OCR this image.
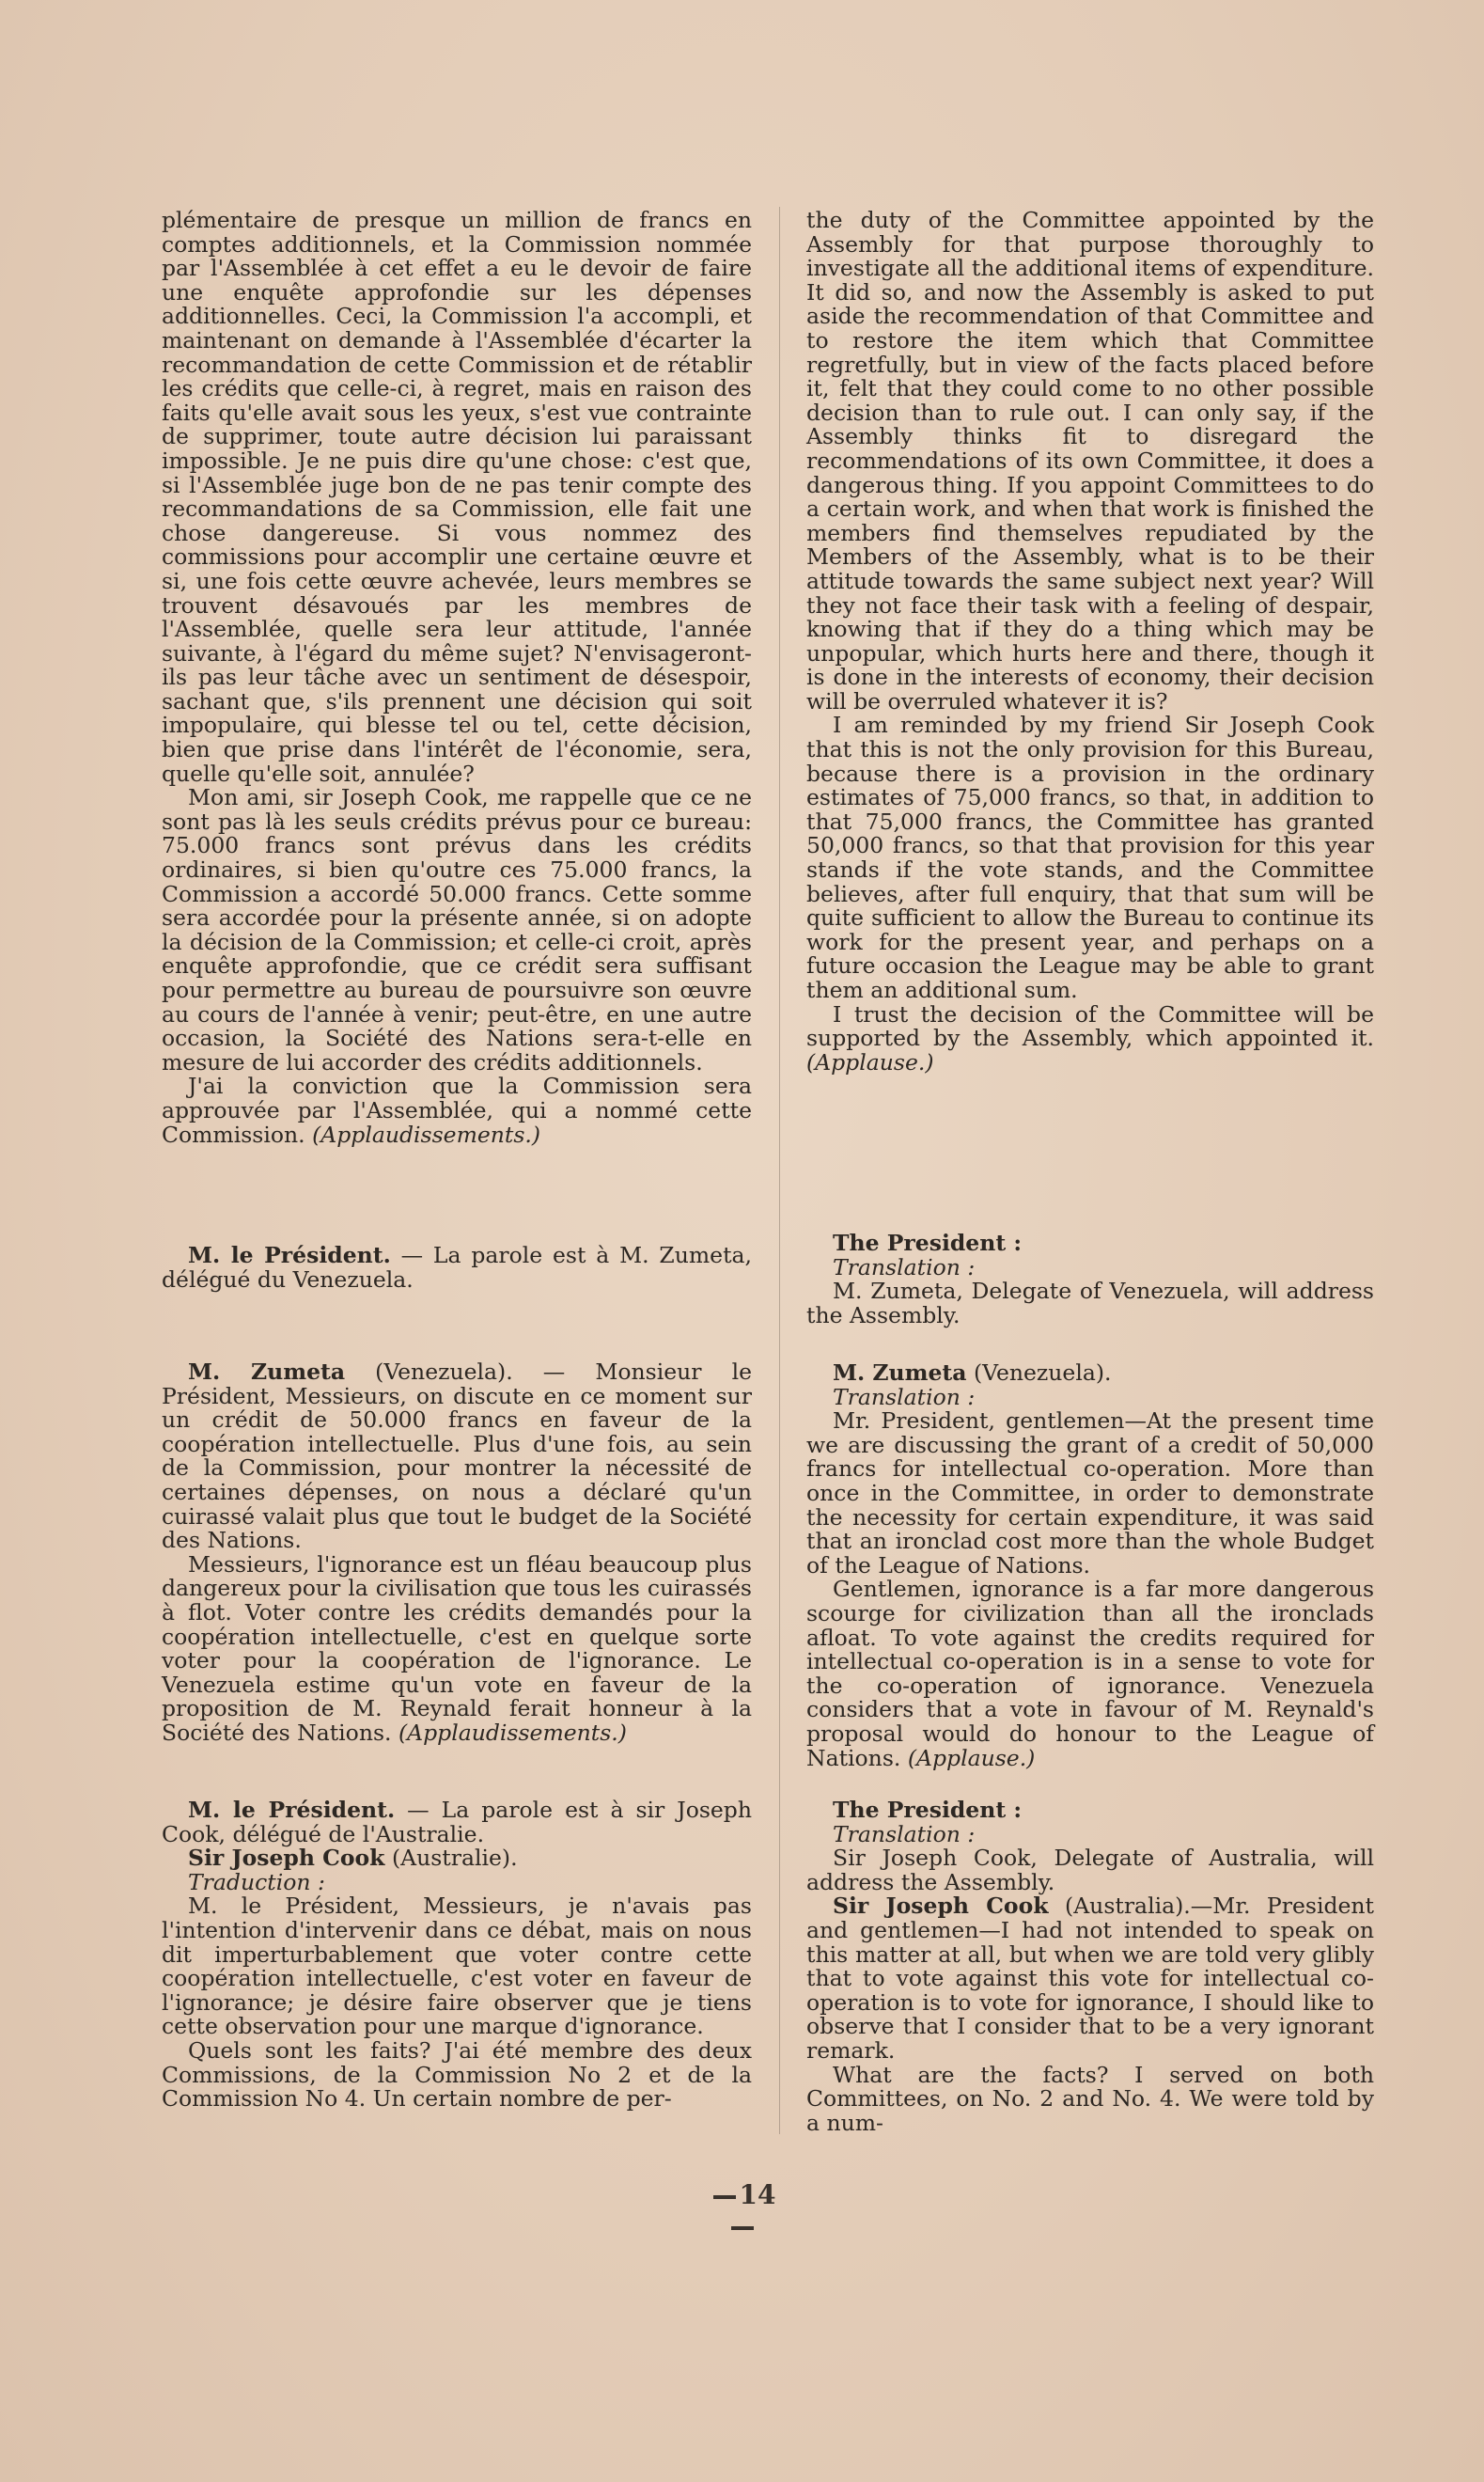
plémentaire de presque un million de francs en comptes additionnels, et la Commission nommée par l'Assemblée à cet effet a eu le devoir de faire une enquête approfondie sur les dépenses additionnelles. Ceci, la Commission l'a accompli, et maintenant on demande à l'Assemblée d'écarter la recommandation de cette Commission et de rétablir les crédits que celle-ci, à regret, mais en raison des faits qu'elle avait sous les yeux, s'est vue contrainte de supprimer, toute autre décision lui paraissant impossible. Je ne puis dire qu'une chose: c'est que, si l'Assemblée juge bon de ne pas tenir compte des recommandations de sa Commission, elle fait une chose dangereuse. Si vous nommez des commissions pour accomplir une certaine œuvre et si, une fois cette œuvre achevée, leurs membres se trouvent désavoués par les membres de l'Assemblée, quelle sera leur attitude, l'année suivante, à l'égard du même sujet? N'envisageront-ils pas leur tâche avec un sentiment de désespoir, sachant que, s'ils prennent une décision qui soit impopulaire, qui blesse tel ou tel, cette décision, bien que prise dans l'intérêt de l'économie, sera, quelle qu'elle soit, annulée?

Mon ami, sir Joseph Cook, me rappelle que ce ne sont pas là les seuls crédits prévus pour ce bureau: 75.000 francs sont prévus dans les crédits ordinaires, si bien qu'outre ces 75.000 francs, la Commission a accordé 50.000 francs. Cette somme sera accordée pour la présente année, si on adopte la décision de la Commission; et celle-ci croit, après enquête approfondie, que ce crédit sera suffisant pour permettre au bureau de poursuivre son œuvre au cours de l'année à venir; peut-être, en une autre occasion, la Société des Nations sera-t-elle en mesure de lui accorder des crédits additionnels.

J'ai la conviction que la Commission sera approuvée par l'Assemblée, qui a nommé cette Commission. (Applaudissements.)

M. le Président. — La parole est à M. Zumeta, délégué du Venezuela.

M. Zumeta (Venezuela). — Monsieur le Président, Messieurs, on discute en ce moment sur un crédit de 50.000 francs en faveur de la coopération intellectuelle. Plus d'une fois, au sein de la Commission, pour montrer la nécessité de certaines dépenses, on nous a déclaré qu'un cuirassé valait plus que tout le budget de la Société des Nations.

Messieurs, l'ignorance est un fléau beaucoup plus dangereux pour la civilisation que tous les cuirassés à flot. Voter contre les crédits demandés pour la coopération intellectuelle, c'est en quelque sorte voter pour la coopération de l'ignorance. Le Venezuela estime qu'un vote en faveur de la proposition de M. Reynald ferait honneur à la Société des Nations. (Applaudissements.)

M. le Président. — La parole est à sir Joseph Cook, délégué de l'Australie.

Sir Joseph Cook (Australie).

Traduction :

M. le Président, Messieurs, je n'avais pas l'intention d'intervenir dans ce débat, mais on nous dit imperturbablement que voter contre cette coopération intellectuelle, c'est voter en faveur de l'ignorance; je désire faire observer que je tiens cette observation pour une marque d'ignorance.

Quels sont les faits? J'ai été membre des deux Commissions, de la Commission No 2 et de la Commission No 4. Un certain nombre de per-

the duty of the Committee appointed by the Assembly for that purpose thoroughly to investigate all the additional items of expenditure. It did so, and now the Assembly is asked to put aside the recommendation of that Committee and to restore the item which that Committee regretfully, but in view of the facts placed before it, felt that they could come to no other possible decision than to rule out. I can only say, if the Assembly thinks fit to disregard the recommendations of its own Committee, it does a dangerous thing. If you appoint Committees to do a certain work, and when that work is finished the members find themselves repudiated by the Members of the Assembly, what is to be their attitude towards the same subject next year? Will they not face their task with a feeling of despair, knowing that if they do a thing which may be unpopular, which hurts here and there, though it is done in the interests of economy, their decision will be overruled whatever it is?

I am reminded by my friend Sir Joseph Cook that this is not the only provision for this Bureau, because there is a provision in the ordinary estimates of 75,000 francs, so that, in addition to that 75,000 francs, the Committee has granted 50,000 francs, so that that provision for this year stands if the vote stands, and the Committee believes, after full enquiry, that that sum will be quite sufficient to allow the Bureau to continue its work for the present year, and perhaps on a future occasion the League may be able to grant them an additional sum.

I trust the decision of the Committee will be supported by the Assembly, which appointed it. (Applause.)

The President :

Translation :

M. Zumeta, Delegate of Venezuela, will address the Assembly.

M. Zumeta (Venezuela).

Translation :

Mr. President, gentlemen—At the present time we are discussing the grant of a credit of 50,000 francs for intellectual co-operation. More than once in the Committee, in order to demonstrate the necessity for certain expenditure, it was said that an ironclad cost more than the whole Budget of the League of Nations.

Gentlemen, ignorance is a far more dangerous scourge for civilization than all the ironclads afloat. To vote against the credits required for intellectual co-operation is in a sense to vote for the co-operation of ignorance. Venezuela considers that a vote in favour of M. Reynald's proposal would do honour to the League of Nations. (Applause.)

The President :

Translation :

Sir Joseph Cook, Delegate of Australia, will address the Assembly.

Sir Joseph Cook (Australia).—Mr. President and gentlemen—I had not intended to speak on this matter at all, but when we are told very glibly that to vote against this vote for intellectual co-operation is to vote for ignorance, I should like to observe that I consider that to be a very ignorant remark.

What are the facts? I served on both Committees, on No. 2 and No. 4. We were told by a num-

14
